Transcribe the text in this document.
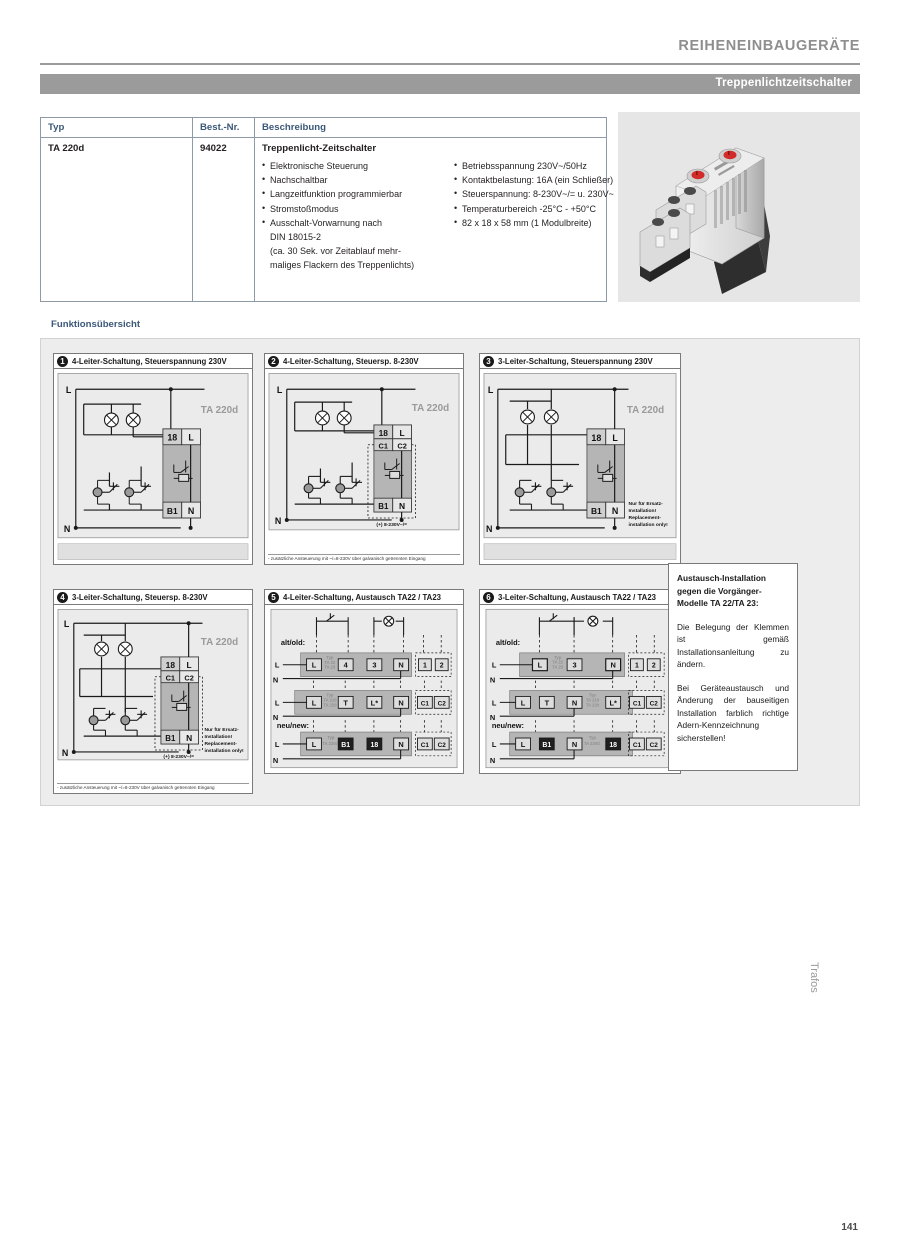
REIHENEINBAUGERÄTE
Treppenlichtzeitschalter
Typ	Best.-Nr. Beschreibung
TA 220d	94022	Treppenlicht-Zeitschalter
• Elektronische Steuerung
• Nachschaltbar
• Langzeitfunktion programmierbar
• Stromstoßmodus
• Ausschalt-Vorwarnung nach
DIN 18015-2
(ca. 30 Sek. vor Zeitablauf mehr-
maliges Flackern des Treppenlichts)
• Betriebsspannung 230V~/50Hz
• Kontaktbelastung: 16A (ein Schließer)
• Steuerspannung: 8-230V~/= u. 230V~
• Temperaturbereich -25°C - +50°C
• 82 x 18 x 58 mm (1 Modulbreite)
Funktionsübersicht
1 4-Leiter-Schaltung, Steuerspannung 230V
18 L
B1 N
L
N
TA 220d
2 4-Leiter-Schaltung, Steuersp. 8-230V
18 L
C1 C2
B1 N
L
N
TA 220d
(+) 8-230V~/=
- zusätzliche Ansteuerung mit ~/=8-230V über galvanisch getrennten Eingang
3 3-Leiter-Schaltung, Steuerspannung 230V
18 L
B1 N
L
N
TA 220d
Nur für Ersatz-
Installation!
Replacement-
installation only!
4 3-Leiter-Schaltung, Steuersp. 8-230V
18 L
C1 C2
B1 N
L
N
TA 220d
Nur für Ersatz-
Installation!
Replacement-
installation only!
(+) 8-230V~/=
- zusätzliche Ansteuerung mit ~/=8-230V über galvanisch getrennten Eingang
5 4-Leiter-Schaltung, Austausch TA22 / TA23
alt/old:
L	4	3	N
Typ
TA 22
TA 23	1 2
L
N
L	T	L*	N
Typ
TA 210
TA 220	C1 C2
L
N
neu/new:
L	B1	18	N
Typ
TA 220d	C1 C2
L
N
6 3-Leiter-Schaltung, Austausch TA22 / TA23
alt/old:
L	3	N
Typ
TA 22
TA 23	1 2
L
N
L	T	N	L*
Typ
TA 210
TA 220	C1 C2
L
N
neu/new:
L B1	N	18
Typ
TA 220d	C1 C2
L
N
Austausch-Installation gegen die Vorgänger-Modelle TA 22/TA 23:
Die Belegung der Klemmen ist gemäß Installationsanleitung zu ändern.
Bei Geräteaustausch und Änderung der bauseitigen Installation farblich richtige Adern-Kennzeichnung sicherstellen!
Trafos
141
